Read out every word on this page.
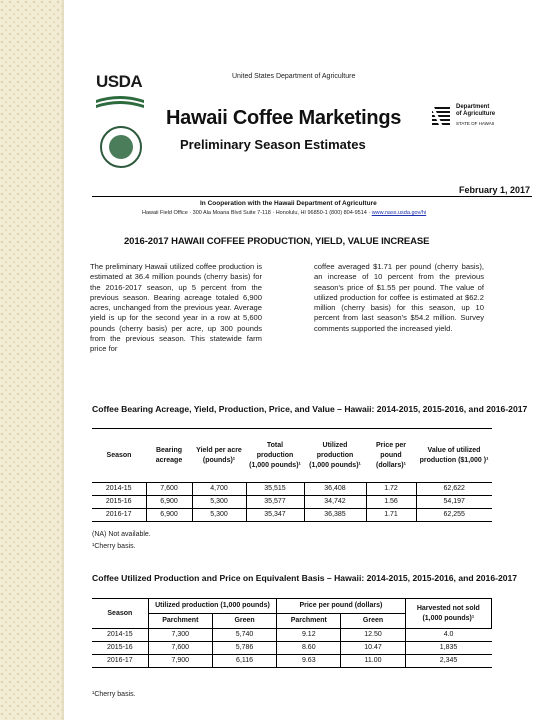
USDA	United States Department of Agriculture
Hawaii Coffee Marketings
Preliminary Season Estimates
Department
of Agriculture
STATE OF HAWAII
February 1, 2017
In Cooperation with the Hawaii Department of Agriculture
Hawaii Field Office · 300 Ala Moana Blvd Suite 7-118 · Honolulu, HI 96850-1 (800) 804-9514 · www.nass.usda.gov/hi
2016-2017 HAWAII COFFEE PRODUCTION, YIELD, VALUE INCREASE
The preliminary Hawaii utilized coffee production is estimated at 36.4 million pounds (cherry basis) for the 2016-2017 season, up 5 percent from the previous season. Bearing acreage totaled 6,900 acres, unchanged from the previous year. Average yield is up for the second year in a row at 5,600 pounds (cherry basis) per acre, up 300 pounds from the previous season. This statewide farm price for
coffee averaged $1.71 per pound (cherry basis), an increase of 10 percent from the previous season's price of $1.55 per pound. The value of utilized production for coffee is estimated at $62.2 million (cherry basis) for this season, up 10 percent from last season's $54.2 million. Survey comments supported the increased yield.
Coffee Bearing Acreage, Yield, Production, Price, and Value – Hawaii: 2014-2015, 2015-2016, and 2016-2017
Season	Bearing acreage	Yield per acre (pounds)¹	Total production (1,000 pounds)¹	Utilized production (1,000 pounds)¹	Price per pound (dollars)¹	Value of utilized production ($1,000 )¹
2014-15	7,600	4,700	35,515	36,408	1.72	62,622
2015-16	6,900	5,300	35,577	34,742	1.56	54,197
2016-17	6,900	5,300	35,347	36,385	1.71	62,255
(NA) Not available.
¹Cherry basis.
Coffee Utilized Production and Price on Equivalent Basis – Hawaii: 2014-2015, 2015-2016, and 2016-2017
Season	Utilized production (1,000 pounds)		Price per pound (dollars)		Harvested not sold (1,000 pounds)¹
	Parchment	Green	Parchment	Green	
2014-15	7,300	5,740	9.12	12.50	4.0
2015-16	7,600	5,786	8.60	10.47	1,835
2016-17	7,900	6,116	9.63	11.00	2,345
¹Cherry basis.
